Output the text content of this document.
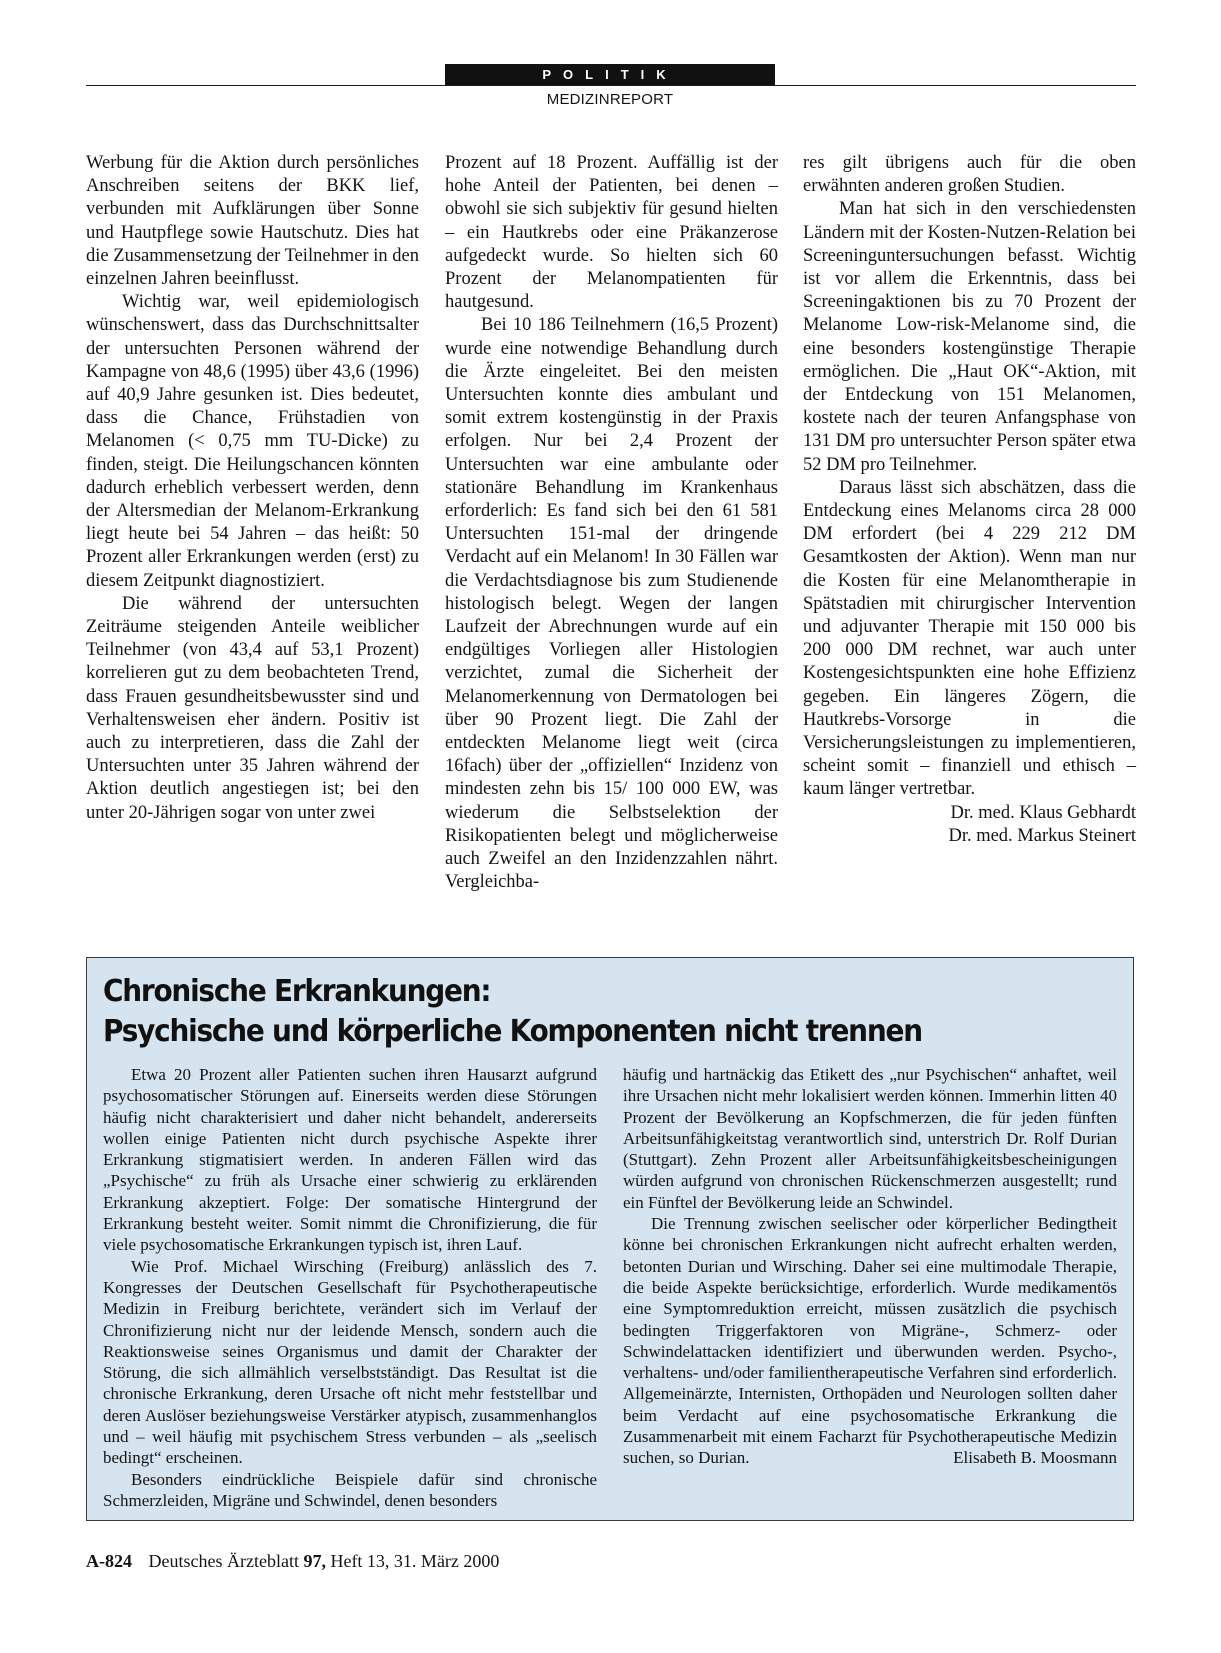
POLITIK
MEDIZINREPORT

Werbung für die Aktion durch persönliches Anschreiben seitens der BKK lief, verbunden mit Aufklärungen über Sonne und Hautpflege sowie Hautschutz. Dies hat die Zusammensetzung der Teilnehmer in den einzelnen Jahren beeinflusst.

Wichtig war, weil epidemiologisch wünschenswert, dass das Durchschnittsalter der untersuchten Personen während der Kampagne von 48,6 (1995) über 43,6 (1996) auf 40,9 Jahre gesunken ist. Dies bedeutet, dass die Chance, Frühstadien von Melanomen (< 0,75 mm TU-Dicke) zu finden, steigt. Die Heilungschancen könnten dadurch erheblich verbessert werden, denn der Altersmedian der Melanom-Erkrankung liegt heute bei 54 Jahren – das heißt: 50 Prozent aller Erkrankungen werden (erst) zu diesem Zeitpunkt diagnostiziert.

Die während der untersuchten Zeiträume steigenden Anteile weiblicher Teilnehmer (von 43,4 auf 53,1 Prozent) korrelieren gut zu dem beobachteten Trend, dass Frauen gesundheitsbewusster sind und Verhaltensweisen eher ändern. Positiv ist auch zu interpretieren, dass die Zahl der Untersuchten unter 35 Jahren während der Aktion deutlich angestiegen ist; bei den unter 20-Jährigen sogar von unter zwei

Prozent auf 18 Prozent. Auffällig ist der hohe Anteil der Patienten, bei denen – obwohl sie sich subjektiv für gesund hielten – ein Hautkrebs oder eine Präkanzerose aufgedeckt wurde. So hielten sich 60 Prozent der Melanompatienten für hautgesund.

Bei 10 186 Teilnehmern (16,5 Prozent) wurde eine notwendige Behandlung durch die Ärzte eingeleitet. Bei den meisten Untersuchten konnte dies ambulant und somit extrem kostengünstig in der Praxis erfolgen. Nur bei 2,4 Prozent der Untersuchten war eine ambulante oder stationäre Behandlung im Krankenhaus erforderlich: Es fand sich bei den 61 581 Untersuchten 151-mal der dringende Verdacht auf ein Melanom! In 30 Fällen war die Verdachtsdiagnose bis zum Studienende histologisch belegt. Wegen der langen Laufzeit der Abrechnungen wurde auf ein endgültiges Vorliegen aller Histologien verzichtet, zumal die Sicherheit der Melanomerkennung von Dermatologen bei über 90 Prozent liegt. Die Zahl der entdeckten Melanome liegt weit (circa 16fach) über der „offiziellen“ Inzidenz von mindesten zehn bis 15/ 100 000 EW, was wiederum die Selbstselektion der Risikopatienten belegt und möglicherweise auch Zweifel an den Inzidenzzahlen nährt. Vergleichba-

res gilt übrigens auch für die oben erwähnten anderen großen Studien.

Man hat sich in den verschiedensten Ländern mit der Kosten-Nutzen-Relation bei Screeninguntersuchungen befasst. Wichtig ist vor allem die Erkenntnis, dass bei Screeningaktionen bis zu 70 Prozent der Melanome Low-risk-Melanome sind, die eine besonders kostengünstige Therapie ermöglichen. Die „Haut OK“-Aktion, mit der Entdeckung von 151 Melanomen, kostete nach der teuren Anfangsphase von 131 DM pro untersuchter Person später etwa 52 DM pro Teilnehmer.

Daraus lässt sich abschätzen, dass die Entdeckung eines Melanoms circa 28 000 DM erfordert (bei 4 229 212 DM Gesamtkosten der Aktion). Wenn man nur die Kosten für eine Melanomtherapie in Spätstadien mit chirurgischer Intervention und adjuvanter Therapie mit 150 000 bis 200 000 DM rechnet, war auch unter Kostengesichtspunkten eine hohe Effizienz gegeben. Ein längeres Zögern, die Hautkrebs-Vorsorge in die Versicherungsleistungen zu implementieren, scheint somit – finanziell und ethisch – kaum länger vertretbar.

Dr. med. Klaus Gebhardt

Dr. med. Markus Steinert

Chronische Erkrankungen:
Psychische und körperliche Komponenten nicht trennen

Etwa 20 Prozent aller Patienten suchen ihren Hausarzt aufgrund psychosomatischer Störungen auf. Einerseits werden diese Störungen häufig nicht charakterisiert und daher nicht behandelt, andererseits wollen einige Patienten nicht durch psychische Aspekte ihrer Erkrankung stigmatisiert werden. In anderen Fällen wird das „Psychische“ zu früh als Ursache einer schwierig zu erklärenden Erkrankung akzeptiert. Folge: Der somatische Hintergrund der Erkrankung besteht weiter. Somit nimmt die Chronifizierung, die für viele psychosomatische Erkrankungen typisch ist, ihren Lauf.

Wie Prof. Michael Wirsching (Freiburg) anlässlich des 7. Kongresses der Deutschen Gesellschaft für Psychotherapeutische Medizin in Freiburg berichtete, verändert sich im Verlauf der Chronifizierung nicht nur der leidende Mensch, sondern auch die Reaktionsweise seines Organismus und damit der Charakter der Störung, die sich allmählich verselbstständigt. Das Resultat ist die chronische Erkrankung, deren Ursache oft nicht mehr feststellbar und deren Auslöser beziehungsweise Verstärker atypisch, zusammenhanglos und – weil häufig mit psychischem Stress verbunden – als „seelisch bedingt“ erscheinen.

Besonders eindrückliche Beispiele dafür sind chronische Schmerzleiden, Migräne und Schwindel, denen besonders

häufig und hartnäckig das Etikett des „nur Psychischen“ anhaftet, weil ihre Ursachen nicht mehr lokalisiert werden können. Immerhin litten 40 Prozent der Bevölkerung an Kopfschmerzen, die für jeden fünften Arbeitsunfähigkeitstag verantwortlich sind, unterstrich Dr. Rolf Durian (Stuttgart). Zehn Prozent aller Arbeitsunfähigkeitsbescheinigungen würden aufgrund von chronischen Rückenschmerzen ausgestellt; rund ein Fünftel der Bevölkerung leide an Schwindel.

Die Trennung zwischen seelischer oder körperlicher Bedingtheit könne bei chronischen Erkrankungen nicht aufrecht erhalten werden, betonten Durian und Wirsching. Daher sei eine multimodale Therapie, die beide Aspekte berücksichtige, erforderlich. Wurde medikamentös eine Symptomreduktion erreicht, müssen zusätzlich die psychisch bedingten Triggerfaktoren von Migräne-, Schmerz- oder Schwindelattacken identifiziert und überwunden werden. Psycho-, verhaltens- und/oder familientherapeutische Verfahren sind erforderlich. Allgemeinärzte, Internisten, Orthopäden und Neurologen sollten daher beim Verdacht auf eine psychosomatische Erkrankung die Zusammenarbeit mit einem Facharzt für Psychotherapeutische Medizin suchen, so Durian.	Elisabeth B. Moosmann

A-824 Deutsches Ärzteblatt 97, Heft 13, 31. März 2000
